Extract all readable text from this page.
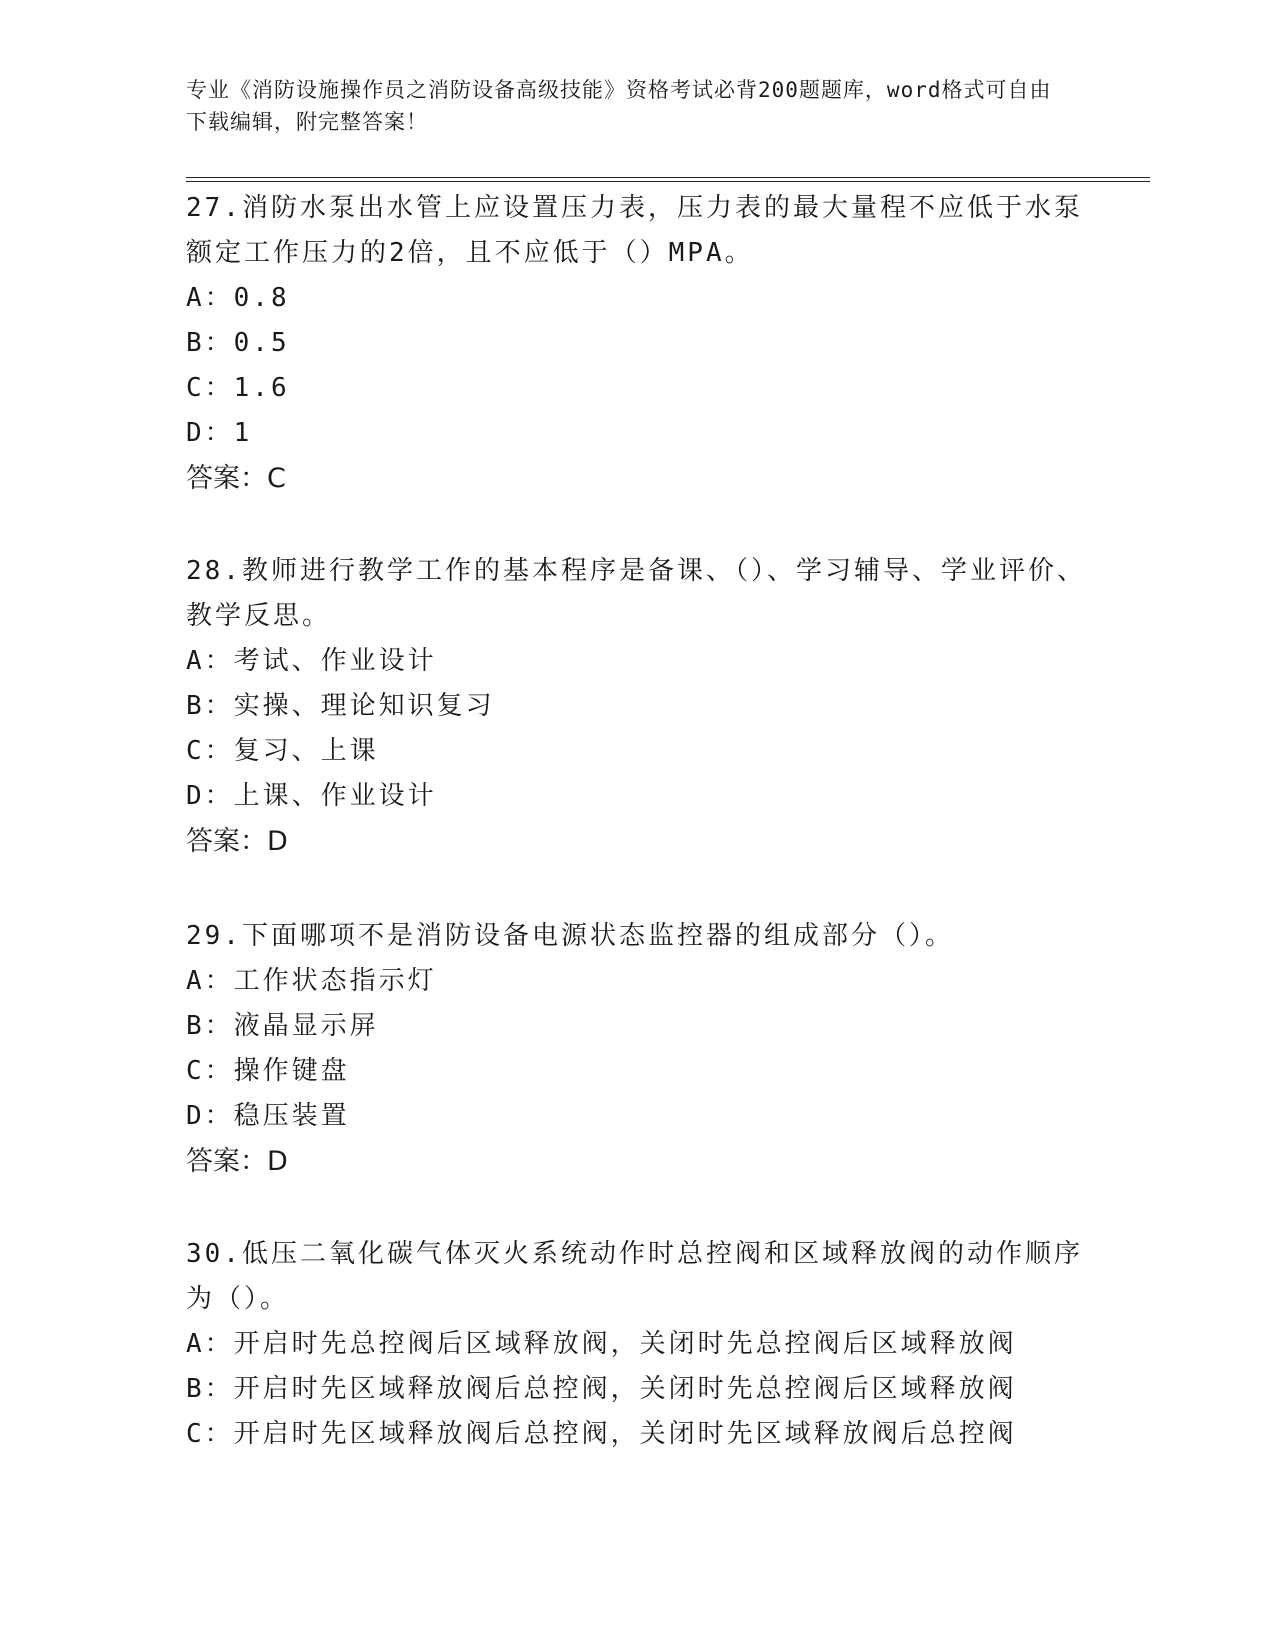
专业《消防设施操作员之消防设备高级技能》资格考试必背200题题库，word格式可自由下载编辑，附完整答案！

27.消防水泵出水管上应设置压力表，压力表的最大量程不应低于水泵额定工作压力的2倍，且不应低于（）MPA。

A：0.8

B：0.5

C：1.6

D：1

答案：C

28.教师进行教学工作的基本程序是备课、（）、学习辅导、学业评价、教学反思。

A：考试、作业设计

B：实操、理论知识复习

C：复习、上课

D：上课、作业设计

答案：D

29.下面哪项不是消防设备电源状态监控器的组成部分（）。

A：工作状态指示灯

B：液晶显示屏

C：操作键盘

D：稳压装置

答案：D

30.低压二氧化碳气体灭火系统动作时总控阀和区域释放阀的动作顺序为（）。

A：开启时先总控阀后区域释放阀，关闭时先总控阀后区域释放阀

B：开启时先区域释放阀后总控阀，关闭时先总控阀后区域释放阀

C：开启时先区域释放阀后总控阀，关闭时先区域释放阀后总控阀
